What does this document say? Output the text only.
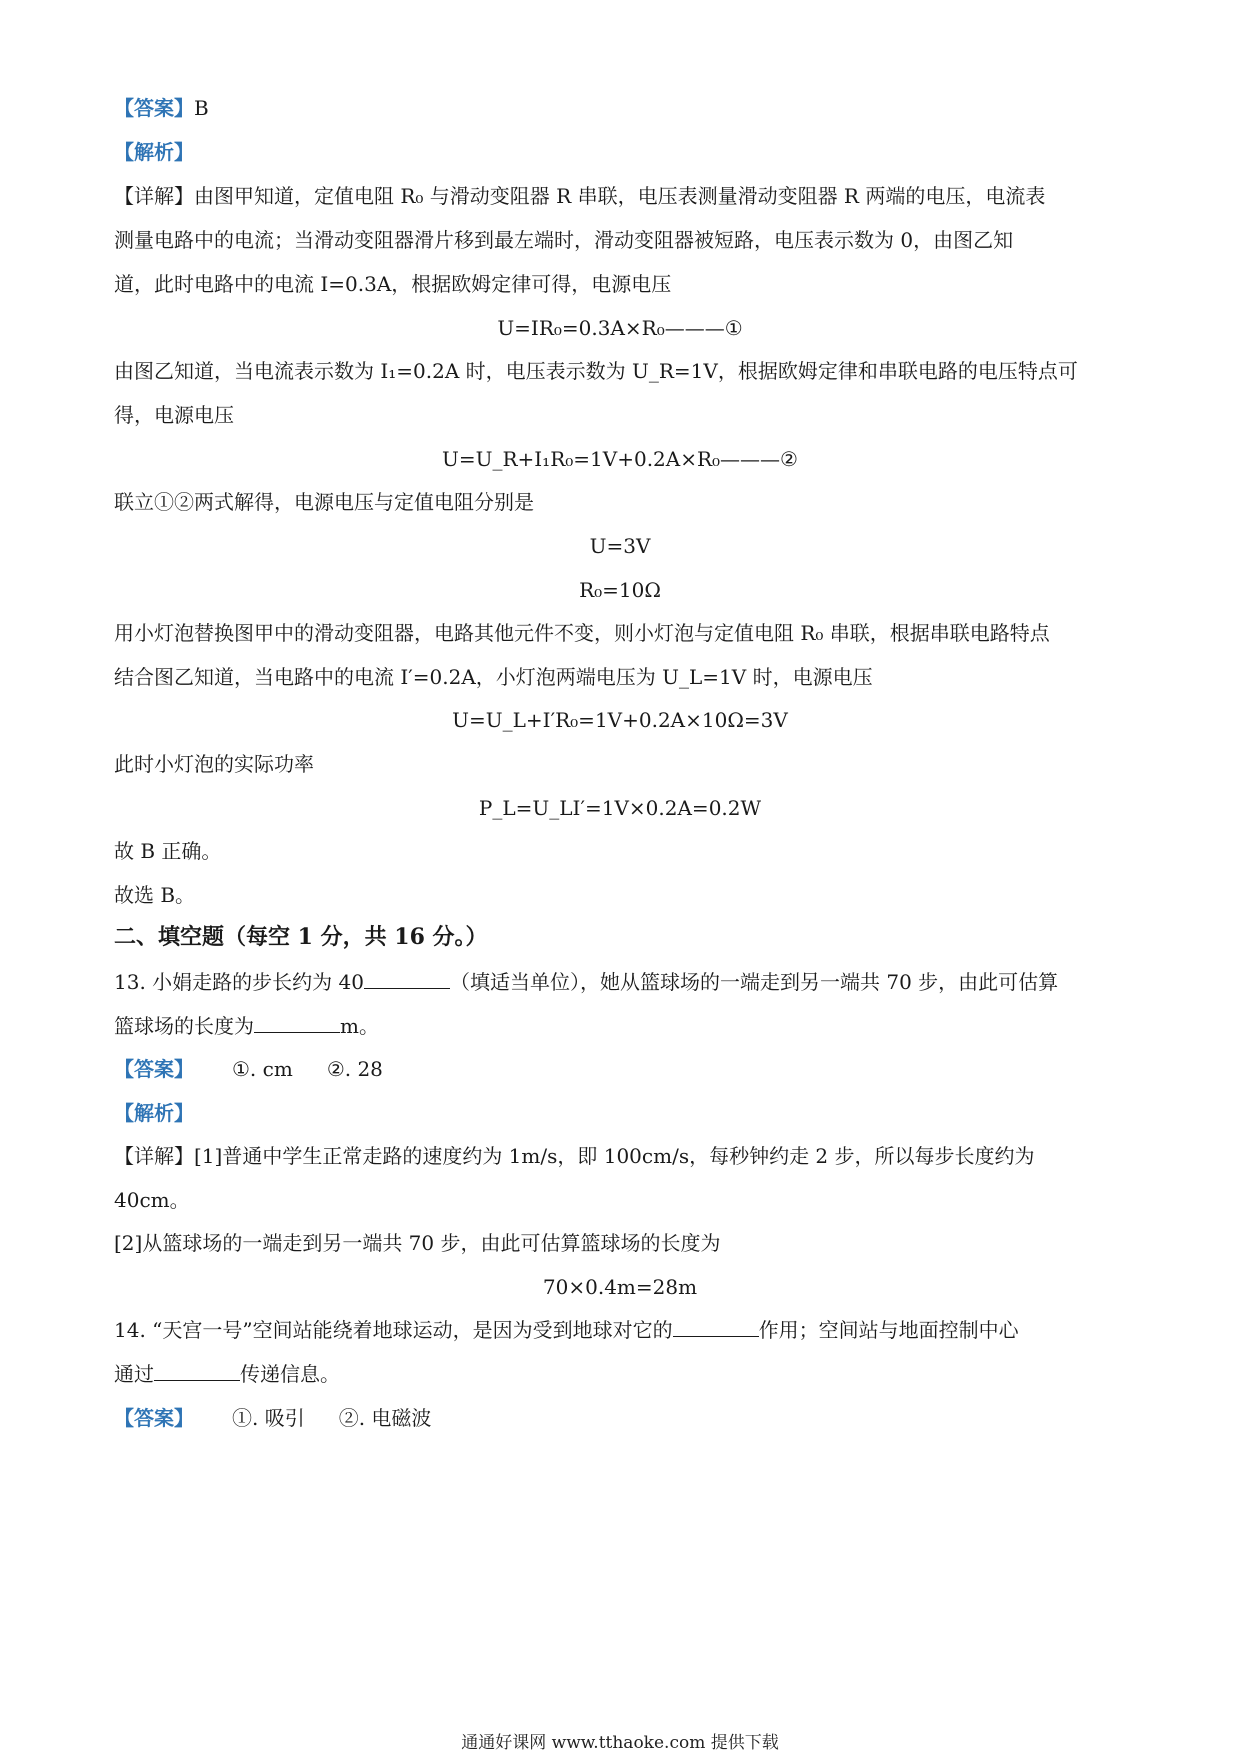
【答案】B
【解析】
【详解】由图甲知道，定值电阻 R₀ 与滑动变阻器 R 串联，电压表测量滑动变阻器 R 两端的电压，电流表
测量电路中的电流；当滑动变阻器滑片移到最左端时，滑动变阻器被短路，电压表示数为 0，由图乙知
道，此时电路中的电流 I=0.3A，根据欧姆定律可得，电源电压
U=IR₀=0.3A×R₀———①
由图乙知道，当电流表示数为 I₁=0.2A 时，电压表示数为 U_R=1V，根据欧姆定律和串联电路的电压特点可
得，电源电压
U=U_R+I₁R₀=1V+0.2A×R₀———②
联立①②两式解得，电源电压与定值电阻分别是
U=3V
R₀=10Ω
用小灯泡替换图甲中的滑动变阻器，电路其他元件不变，则小灯泡与定值电阻 R₀ 串联，根据串联电路特点
结合图乙知道，当电路中的电流 I′=0.2A，小灯泡两端电压为 U_L=1V 时，电源电压
U=U_L+I′R₀=1V+0.2A×10Ω=3V
此时小灯泡的实际功率
P_L=U_LI′=1V×0.2A=0.2W
故 B 正确。
故选 B。
二、填空题（每空 1 分，共 16 分。）
13. 小娟走路的步长约为 40	（填适当单位），她从篮球场的一端走到另一端共 70 步，由此可估算
篮球场的长度为	m。
【答案】 ①. cm ②. 28
【解析】
【详解】[1]普通中学生正常走路的速度约为 1m/s，即 100cm/s，每秒钟约走 2 步，所以每步长度约为
40cm。
[2]从篮球场的一端走到另一端共 70 步，由此可估算篮球场的长度为
70×0.4m=28m
14. “天宫一号”空间站能绕着地球运动，是因为受到地球对它的	作用；空间站与地面控制中心
通过	传递信息。
【答案】 ①. 吸引 ②. 电磁波
通通好课网 www.tthaoke.com 提供下载
